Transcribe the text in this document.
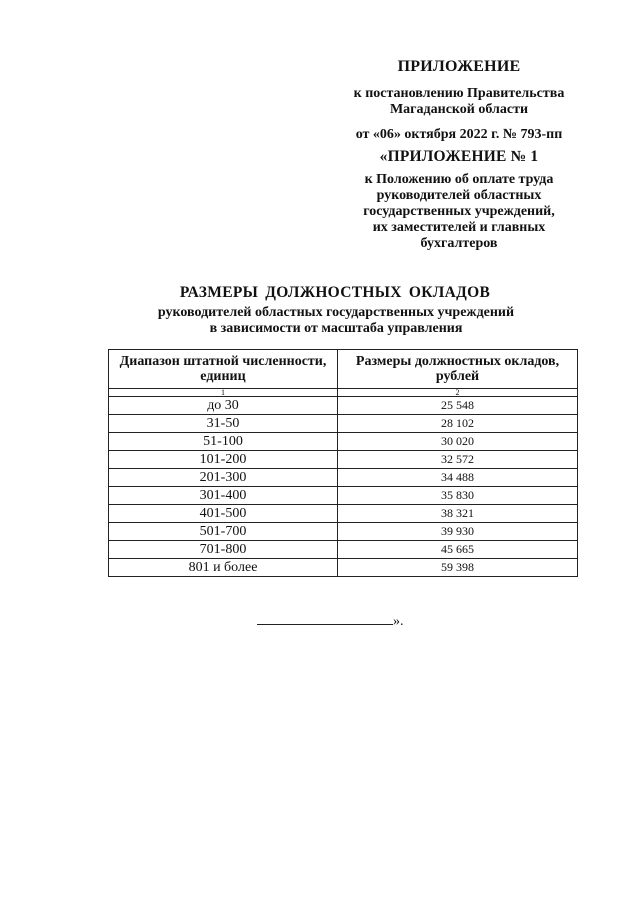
ПРИЛОЖЕНИЕ
к постановлению Правительства
Магаданской области
от «06» октября 2022 г. № 793-пп
«ПРИЛОЖЕНИЕ № 1
к Положению об оплате труда
руководителей областных
государственных учреждений,
их заместителей и главных
бухгалтеров
РАЗМЕРЫ ДОЛЖНОСТНЫХ ОКЛАДОВ
руководителей областных государственных учреждений
в зависимости от масштаба управления
Диапазон штатной численности, единиц	Размеры должностных окладов, рублей
1	2
до 30	25 548
31-50	28 102
51-100	30 020
101-200	32 572
201-300	34 488
301-400	35 830
401-500	38 321
501-700	39 930
701-800	45 665
801 и более	59 398
».
